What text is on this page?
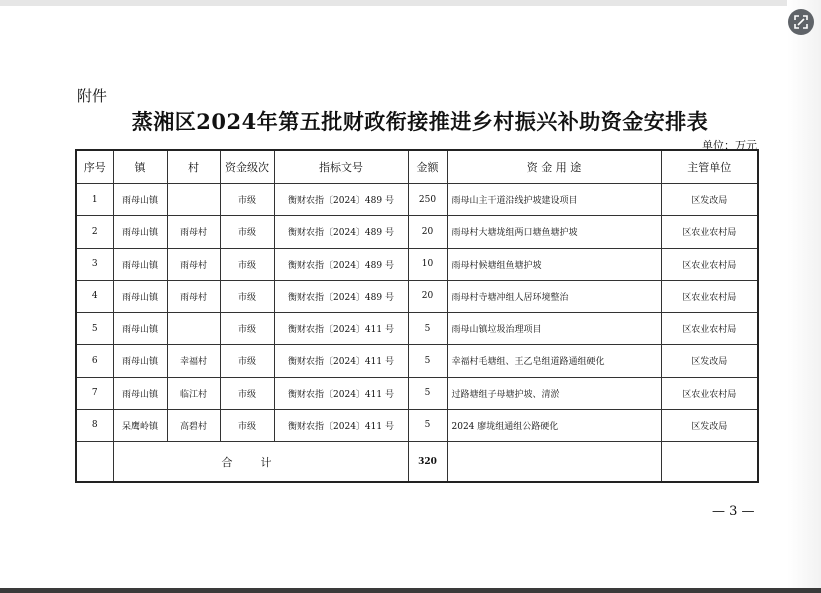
附件
蒸湘区2024年第五批财政衔接推进乡村振兴补助资金安排表
单位：万元
序号	镇	村	资金级次	指标文号	金额	资 金 用 途	主管单位
1	雨母山镇		市级	衡财农指〔2024〕489 号	250	雨母山主干道沿线护坡建设项目	区发改局
2	雨母山镇	雨母村	市级	衡财农指〔2024〕489 号	20	雨母村大塘垅组两口塘鱼塘护坡	区农业农村局
3	雨母山镇	雨母村	市级	衡财农指〔2024〕489 号	10	雨母村候塘组鱼塘护坡	区农业农村局
4	雨母山镇	雨母村	市级	衡财农指〔2024〕489 号	20	雨母村寺塘冲组人居环境整治	区农业农村局
5	雨母山镇		市级	衡财农指〔2024〕411 号	5	雨母山镇垃圾治理项目	区农业农村局
6	雨母山镇	幸福村	市级	衡财农指〔2024〕411 号	5	幸福村毛塘组、王乙皂组道路通组硬化	区发改局
7	雨母山镇	临江村	市级	衡财农指〔2024〕411 号	5	过路塘组子母塘护坡、清淤	区农业农村局
8	呆鹰岭镇	高碧村	市级	衡财农指〔2024〕411 号	5	2024 廖垅组通组公路硬化	区发改局
	合计				320		
— 3 —
